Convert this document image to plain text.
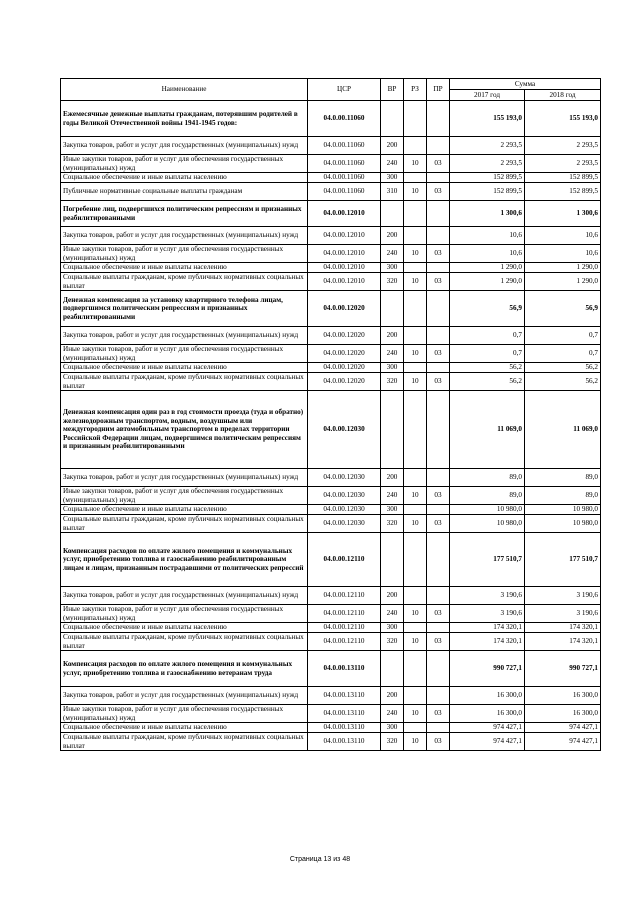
Наименование	ЦСР	ВР	РЗ	ПР	Сумма	
					2017 год	2018 год
Ежемесячные денежные выплаты гражданам, потерявшим родителей в годы Великой Отечественной войны 1941-1945 годов:	04.0.00.11060				155 193,0	155 193,0
Закупка товаров, работ и услуг для государственных (муниципальных) нужд	04.0.00.11060	200			2 293,5	2 293,5
Иные закупки товаров, работ и услуг для обеспечения государственных (муниципальных) нужд	04.0.00.11060	240	10	03	2 293,5	2 293,5
Социальное обеспечение и иные выплаты населению	04.0.00.11060	300			152 899,5	152 899,5
Публичные нормативные социальные выплаты гражданам	04.0.00.11060	310	10	03	152 899,5	152 899,5
Погребение лиц, подвергшихся политическим репрессиям и признанных реабилитированными	04.0.00.12010				1 300,6	1 300,6
Закупка товаров, работ и услуг для государственных (муниципальных) нужд	04.0.00.12010	200			10,6	10,6
Иные закупки товаров, работ и услуг для обеспечения государственных (муниципальных) нужд	04.0.00.12010	240	10	03	10,6	10,6
Социальное обеспечение и иные выплаты населению	04.0.00.12010	300			1 290,0	1 290,0
Социальные выплаты гражданам, кроме публичных нормативных социальных выплат	04.0.00.12010	320	10	03	1 290,0	1 290,0
Денежная компенсация за установку квартирного телефона лицам, подвергшимся политическим репрессиям и признанных реабилитированными	04.0.00.12020				56,9	56,9
Закупка товаров, работ и услуг для государственных (муниципальных) нужд	04.0.00.12020	200			0,7	0,7
Иные закупки товаров, работ и услуг для обеспечения государственных (муниципальных) нужд	04.0.00.12020	240	10	03	0,7	0,7
Социальное обеспечение и иные выплаты населению	04.0.00.12020	300			56,2	56,2
Социальные выплаты гражданам, кроме публичных нормативных социальных выплат	04.0.00.12020	320	10	03	56,2	56,2
Денежная компенсация один раз в год стоимости проезда (туда и обратно) железнодорожным транспортом, водным, воздушным или междугородним автомобильным транспортом в пределах территории Российской Федерации лицам, подвергшимся политическим репрессиям и признанным реабилитированными	04.0.00.12030				11 069,0	11 069,0
Закупка товаров, работ и услуг для государственных (муниципальных) нужд	04.0.00.12030	200			89,0	89,0
Иные закупки товаров, работ и услуг для обеспечения государственных (муниципальных) нужд	04.0.00.12030	240	10	03	89,0	89,0
Социальное обеспечение и иные выплаты населению	04.0.00.12030	300			10 980,0	10 980,0
Социальные выплаты гражданам, кроме публичных нормативных социальных выплат	04.0.00.12030	320	10	03	10 980,0	10 980,0
Компенсация расходов по оплате жилого помещения и коммунальных услуг, приобретению топлива и газоснабжению реабилитированным лицам и лицам, признанным пострадавшими от политических репрессий	04.0.00.12110				177 510,7	177 510,7
Закупка товаров, работ и услуг для государственных (муниципальных) нужд	04.0.00.12110	200			3 190,6	3 190,6
Иные закупки товаров, работ и услуг для обеспечения государственных (муниципальных) нужд	04.0.00.12110	240	10	03	3 190,6	3 190,6
Социальное обеспечение и иные выплаты населению	04.0.00.12110	300			174 320,1	174 320,1
Социальные выплаты гражданам, кроме публичных нормативных социальных выплат	04.0.00.12110	320	10	03	174 320,1	174 320,1
Компенсация расходов по оплате жилого помещения и коммунальных услуг, приобретению топлива и газоснабжению ветеранам труда	04.0.00.13110				990 727,1	990 727,1
Закупка товаров, работ и услуг для государственных (муниципальных) нужд	04.0.00.13110	200			16 300,0	16 300,0
Иные закупки товаров, работ и услуг для обеспечения государственных (муниципальных) нужд	04.0.00.13110	240	10	03	16 300,0	16 300,0
Социальное обеспечение и иные выплаты населению	04.0.00.13110	300			974 427,1	974 427,1
Социальные выплаты гражданам, кроме публичных нормативных социальных выплат	04.0.00.13110	320	10	03	974 427,1	974 427,1
Страница 13 из 48
